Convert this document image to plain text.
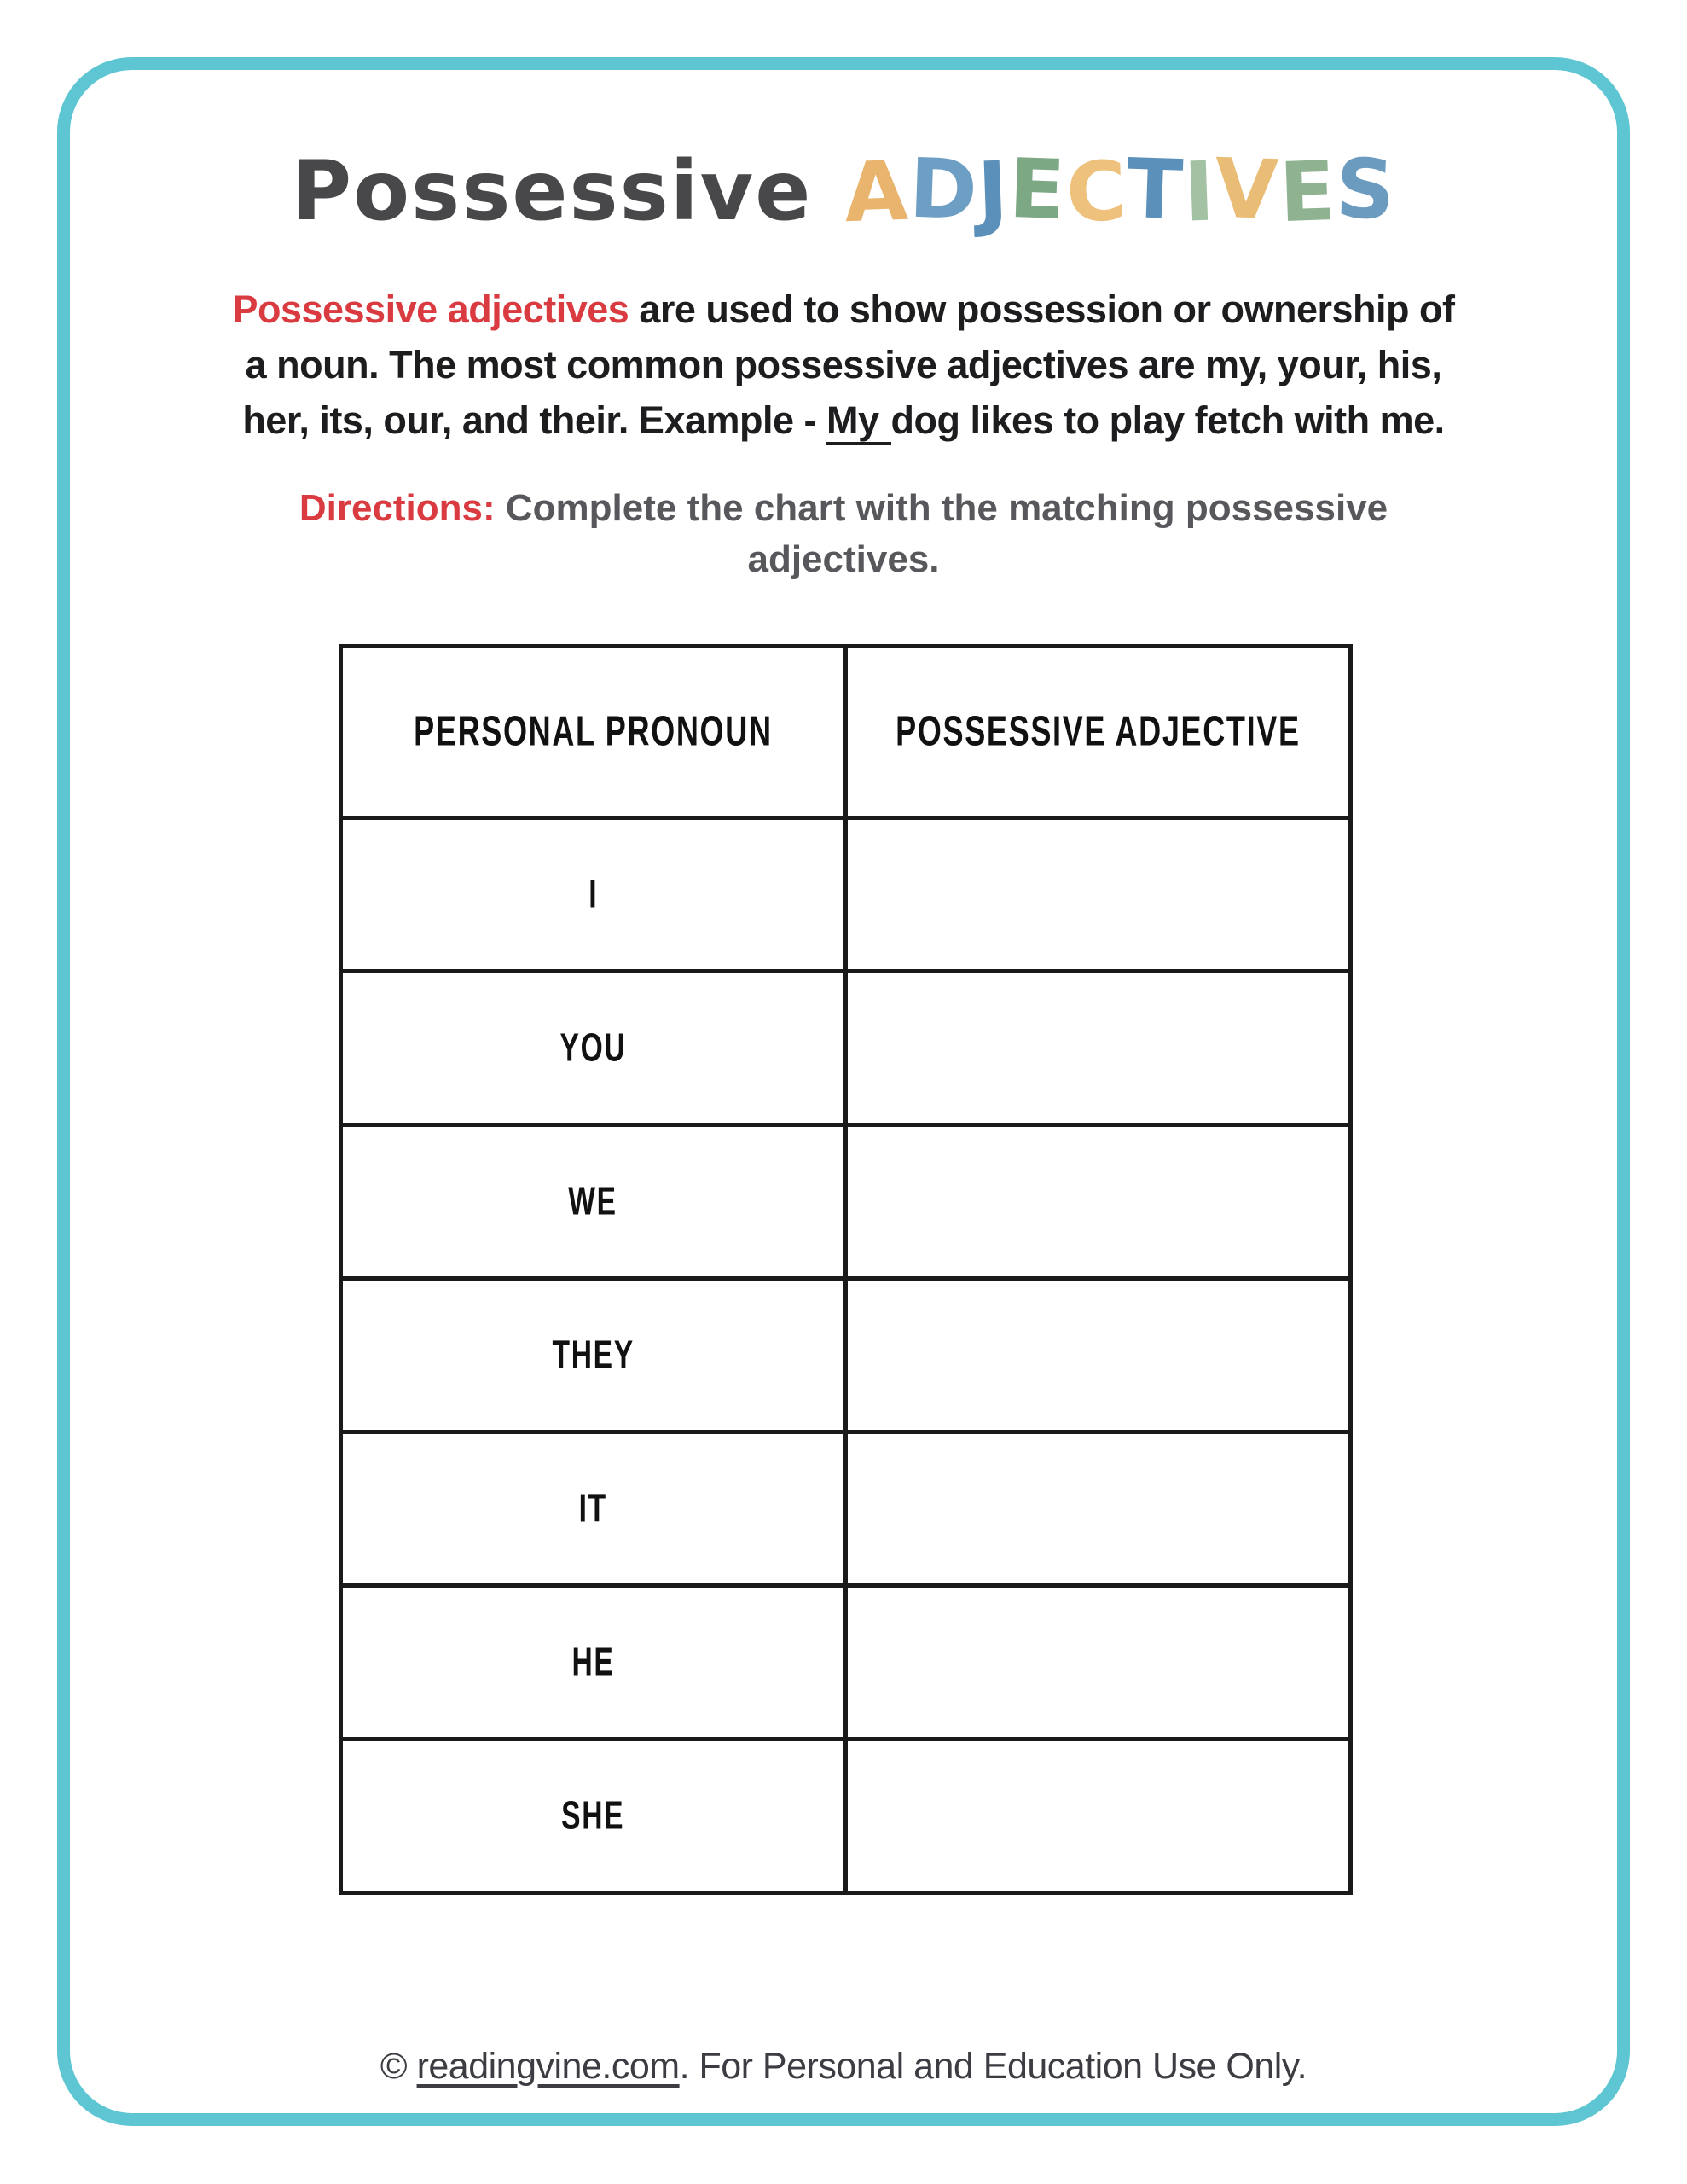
Possessive ADJECTIVES
Possessive adjectives are used to show possession or ownership of
a noun. The most common possessive adjectives are my, your, his,
her, its, our, and their. Example - My dog likes to play fetch with me.
Directions: Complete the chart with the matching possessive
adjectives.
PERSONAL PRONOUN	POSSESSIVE ADJECTIVE
I	
YOU	
WE	
THEY	
IT	
HE	
SHE	
© readingvine.com. For Personal and Education Use Only.
